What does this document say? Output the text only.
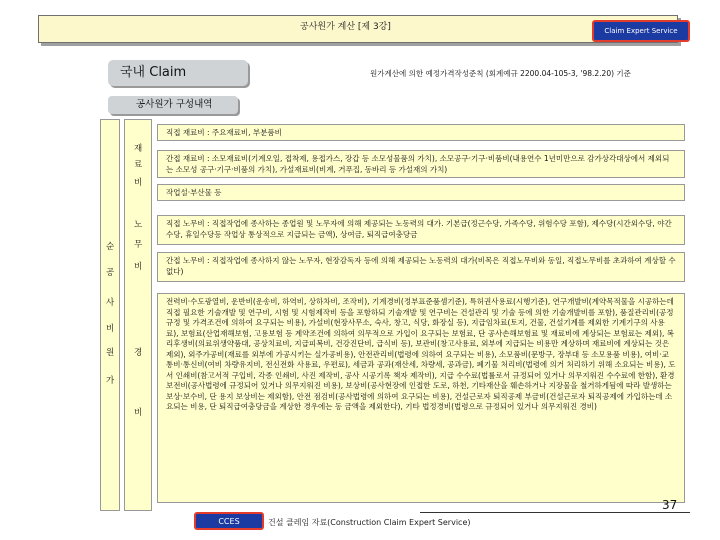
공사원가 계산 [제 3강]	Claim Expert Service
국내 Claim	원가계산에 의한 예정가격작성준칙 (회계예규 2200.04-105-3, '98.2.20) 기준
공사원가 구성내역
순
공
사
비
원
가
재
료
비
노
무
비
경
비
직접 재료비 : 주요재료비, 부분품비
간접 재료비 : 소모재료비(기계오일, 접착제, 용접가스, 장갑 등 소모성물품의 가치), 소모공구·기구·비품비(내용연수 1년미만으로 감가상각대상에서 제외되는 소모성 공구·기구·비품의 가치), 가설재료비(비계, 거푸집, 동바리 등 가설재의 가치)
작업설·부산물 등
직접 노무비 : 직접작업에 종사하는 종업원 및 노무자에 의해 제공되는 노동력의 대가. 기본급(정근수당, 가족수당, 위험수당 포함), 제수당(시간외수당, 야간수당, 휴일수당등 작업상 통상적으로 지급되는 금액), 상여금, 퇴직급여충당금
간접 노무비 : 직접작업에 종사하지 않는 노무자, 현장감독자 등에 의해 제공되는 노동력의 대가(비목은 직접노무비와 동일, 직접노무비를 초과하여 계상할 수 없다)
전력비·수도광열비, 운반비(운송비, 하역비, 상하차비, 조작비), 기계경비(정부표준품셈기준), 특허권사용료(시행기준), 연구개발비(계약목적물을 시공하는데 직접 필요한 기술개발 및 연구비, 시험 및 시험제작비 등을 포함하되 기술개발 및 연구비는 건설관리 및 기술 등에 의한 기술개발비를 포함), 품질관리비(공정 규정 및 가격조건에 의하여 요구되는 비용), 가설비(현장사무소, 숙사, 창고, 식당, 화장실 등), 지급임차료(토지, 건물, 건설기계를 제외한 기계기구의 사용료), 보험료(산업재해보험, 고용보험 등 계약조건에 의하여 의무적으로 가입이 요구되는 보험료, 단 공사손해보험료 및 재료비에 계상되는 보험료는 제외), 복리후생비(의료위생약품대, 공상치료비, 지급피복비, 건강진단비, 급식비 등), 보관비(창고사용료, 외부에 지급되는 비용만 계상하며 재료비에 계상되는 것은 제외), 외주가공비(재료를 외부에 가공시키는 실가공비용), 안전관리비(법령에 의하여 요구되는 비용), 소모품비(문방구, 장부대 등 소모용품 비용), 여비·교통비·통신비(여비 차량유지비, 전신전화 사용료, 우편료), 세금과 공과(재산세, 차량세, 공과금), 폐기물 처리비(법령에 의거 처리하기 위해 소요되는 비용), 도서 인쇄비(참고서적 구입비, 각종 인쇄비, 사진 제작비, 공사 시공기록 책자 제작비), 지급 수수료(법률로서 규정되어 있거나 의무지워진 수수료에 한함), 환경보전비(공사법령에 규정되어 있거나 의무지워진 비용), 보상비(공사현장에 인접한 도로, 하천, 기타재산을 훼손하거나 지장물을 철거하게됨에 따라 발생하는 보상·보수비, 단 용지 보상비는 제외함), 안전 점검비(공사법령에 의하여 요구되는 비용), 건설근로자 퇴직공제 부금비(건설근로자 퇴직공제에 가입하는데 소요되는 비용, 단 퇴직급여충당금을 계상한 경우에는 동 금액을 제외한다), 기타 법정경비(법령으로 규정되어 있거나 의무지워진 경비)
37
CCES	건설 클레임 자료(Construction Claim Expert Service)
